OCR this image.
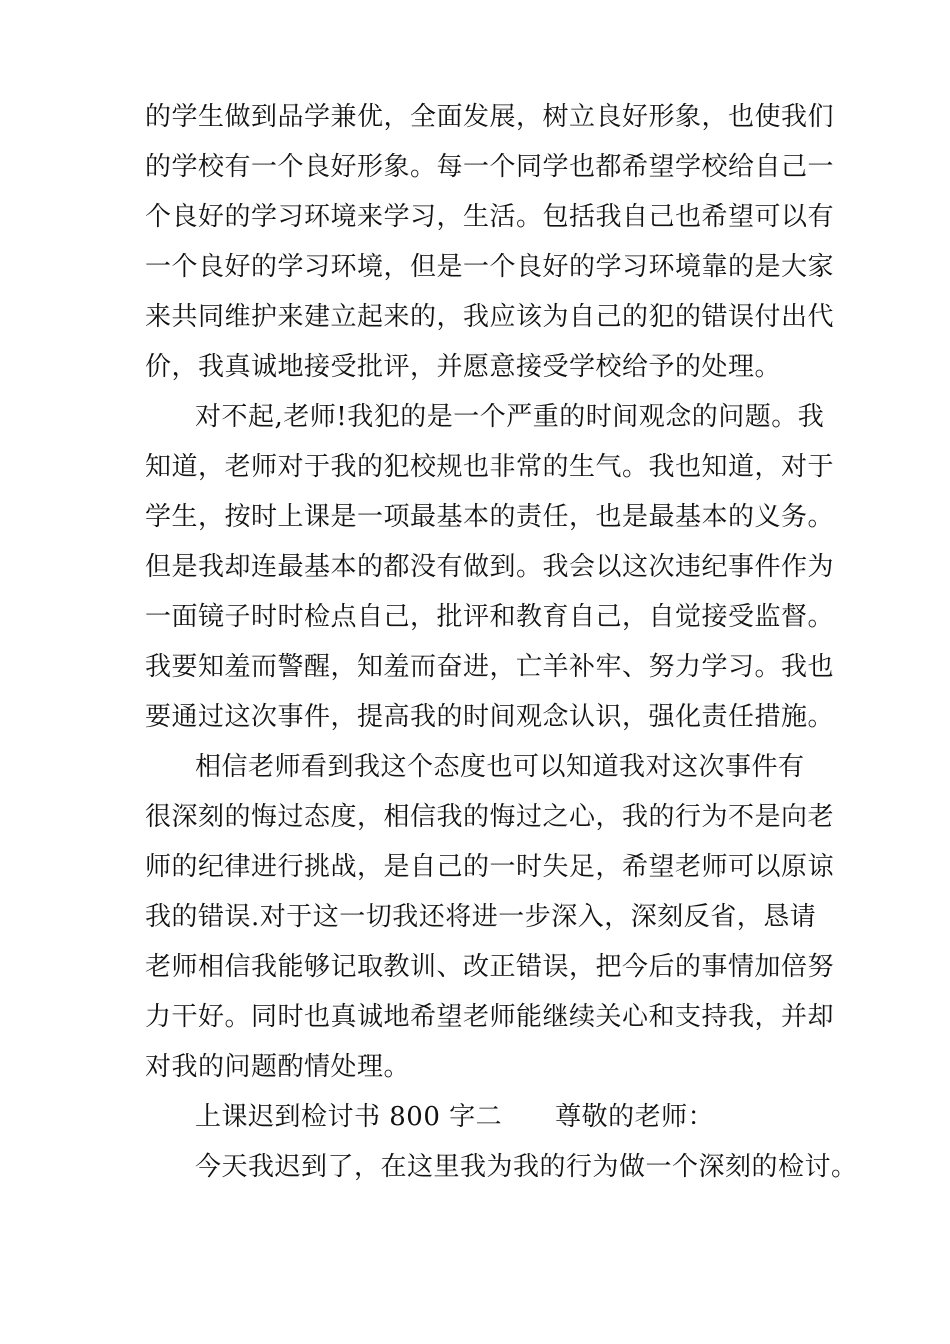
的学生做到品学兼优，全面发展，树立良好形象，也使我们
的学校有一个良好形象。每一个同学也都希望学校给自己一
个良好的学习环境来学习，生活。包括我自己也希望可以有
一个良好的学习环境，但是一个良好的学习环境靠的是大家
来共同维护来建立起来的，我应该为自己的犯的错误付出代
价，我真诚地接受批评，并愿意接受学校给予的处理。
对不起,老师!我犯的是一个严重的时间观念的问题。我
知道，老师对于我的犯校规也非常的生气。我也知道，对于
学生，按时上课是一项最基本的责任，也是最基本的义务。
但是我却连最基本的都没有做到。我会以这次违纪事件作为
一面镜子时时检点自己，批评和教育自己，自觉接受监督。
我要知羞而警醒，知羞而奋进，亡羊补牢、努力学习。我也
要通过这次事件，提高我的时间观念认识，强化责任措施。
相信老师看到我这个态度也可以知道我对这次事件有
很深刻的悔过态度，相信我的悔过之心，我的行为不是向老
师的纪律进行挑战，是自己的一时失足，希望老师可以原谅
我的错误.对于这一切我还将进一步深入，深刻反省，恳请
老师相信我能够记取教训、改正错误，把今后的事情加倍努
力干好。同时也真诚地希望老师能继续关心和支持我，并却
对我的问题酌情处理。
上课迟到检讨书 800 字二　　尊敬的老师：
今天我迟到了，在这里我为我的行为做一个深刻的检讨。
